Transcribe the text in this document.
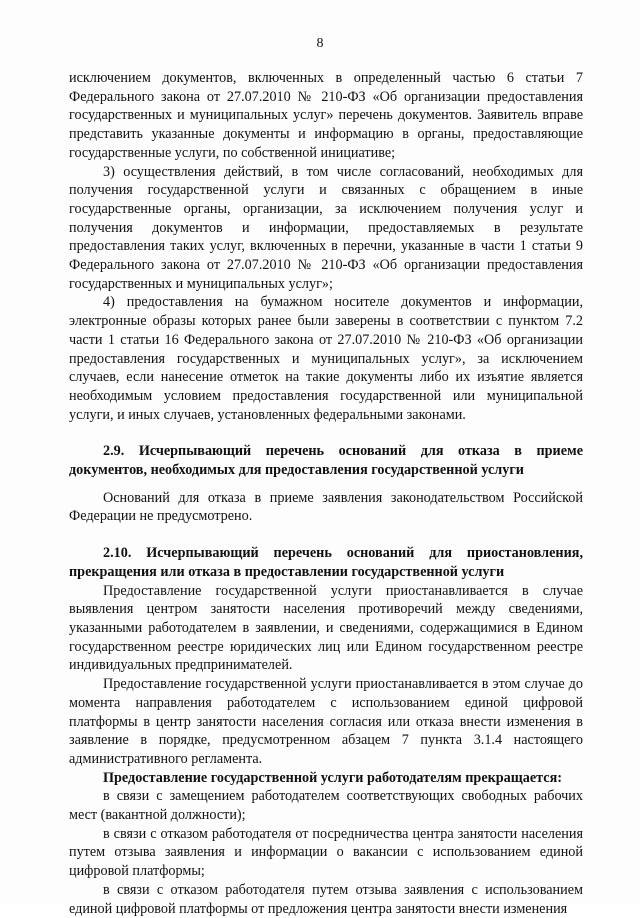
8

исключением документов, включенных в определенный частью 6 статьи 7 Федерального закона от 27.07.2010 № 210-ФЗ «Об организации предоставления государственных и муниципальных услуг» перечень документов. Заявитель вправе представить указанные документы и информацию в органы, предоставляющие государственные услуги, по собственной инициативе;

3) осуществления действий, в том числе согласований, необходимых для получения государственной услуги и связанных с обращением в иные государственные органы, организации, за исключением получения услуг и получения документов и информации, предоставляемых в результате предоставления таких услуг, включенных в перечни, указанные в части 1 статьи 9 Федерального закона от 27.07.2010 № 210-ФЗ «Об организации предоставления государственных и муниципальных услуг»;

4) предоставления на бумажном носителе документов и информации, электронные образы которых ранее были заверены в соответствии с пунктом 7.2 части 1 статьи 16 Федерального закона от 27.07.2010 № 210-ФЗ «Об организации предоставления государственных и муниципальных услуг», за исключением случаев, если нанесение отметок на такие документы либо их изъятие является необходимым условием предоставления государственной или муниципальной услуги, и иных случаев, установленных федеральными законами.

2.9. Исчерпывающий перечень оснований для отказа в приеме документов, необходимых для предоставления государственной услуги

Оснований для отказа в приеме заявления законодательством Российской Федерации не предусмотрено.

2.10. Исчерпывающий перечень оснований для приостановления, прекращения или отказа в предоставлении государственной услуги

Предоставление государственной услуги приостанавливается в случае выявления центром занятости населения противоречий между сведениями, указанными работодателем в заявлении, и сведениями, содержащимися в Едином государственном реестре юридических лиц или Едином государственном реестре индивидуальных предпринимателей.

Предоставление государственной услуги приостанавливается в этом случае до момента направления работодателем с использованием единой цифровой платформы в центр занятости населения согласия или отказа внести изменения в заявление в порядке, предусмотренном абзацем 7 пункта 3.1.4 настоящего административного регламента.

Предоставление государственной услуги работодателям прекращается:

в связи с замещением работодателем соответствующих свободных рабочих мест (вакантной должности);

в связи с отказом работодателя от посредничества центра занятости населения путем отзыва заявления и информации о вакансии с использованием единой цифровой платформы;

в связи с отказом работодателя путем отзыва заявления с использованием единой цифровой платформы от предложения центра занятости внести изменения
